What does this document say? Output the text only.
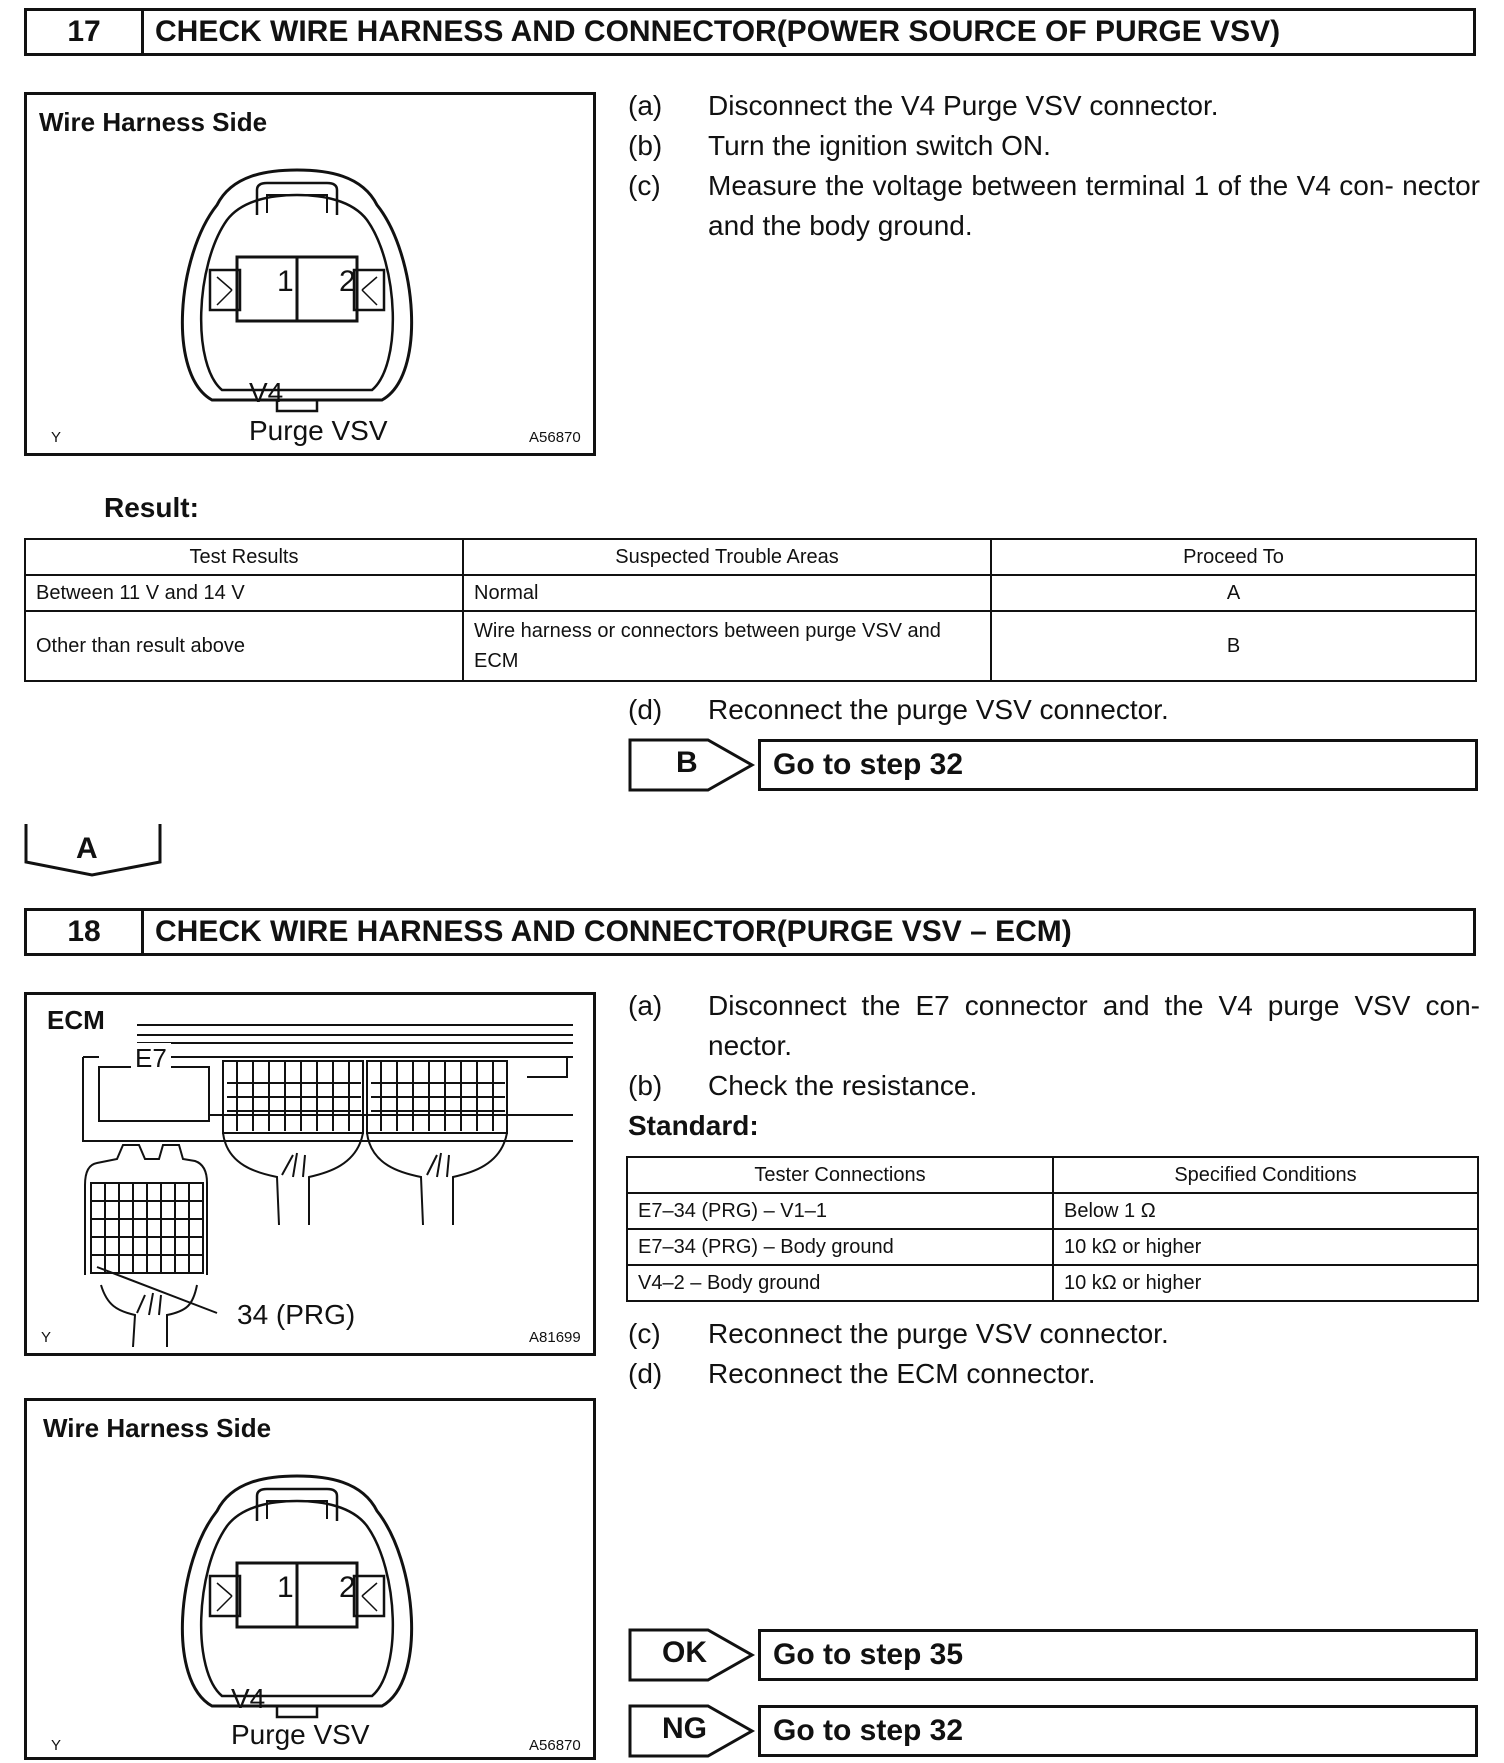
17	CHECK WIRE HARNESS AND CONNECTOR(POWER SOURCE OF PURGE VSV)
Wire Harness Side
1 2
V4
Purge VSV
Y	A56870
(a) Disconnect the V4 Purge VSV connector.
(b) Turn the ignition switch ON.
(c) Measure the voltage between terminal 1 of the V4 con- nector and the body ground.
Result:
Test Results	Suspected Trouble Areas	Proceed To
Between 11 V and 14 V	Normal	A
Other than result above	Wire harness or connectors between purge VSV and ECM	B
(d) Reconnect the purge VSV connector.
B	Go to step 32
A
18	CHECK WIRE HARNESS AND CONNECTOR(PURGE VSV – ECM)
ECM
E7
34 (PRG)
Y	A81699
Wire Harness Side
1 2
V4
Purge VSV
Y	A56870
(a) Disconnect the E7 connector and the V4 purge VSV con- nector.
(b) Check the resistance.
Standard:
Tester Connections	Specified Conditions
E7–34 (PRG) – V1–1	Below 1 Ω
E7–34 (PRG) – Body ground	10 kΩ or higher
V4–2 – Body ground	10 kΩ or higher
(c) Reconnect the purge VSV connector.
(d) Reconnect the ECM connector.
OK	Go to step 35
NG	Go to step 32
